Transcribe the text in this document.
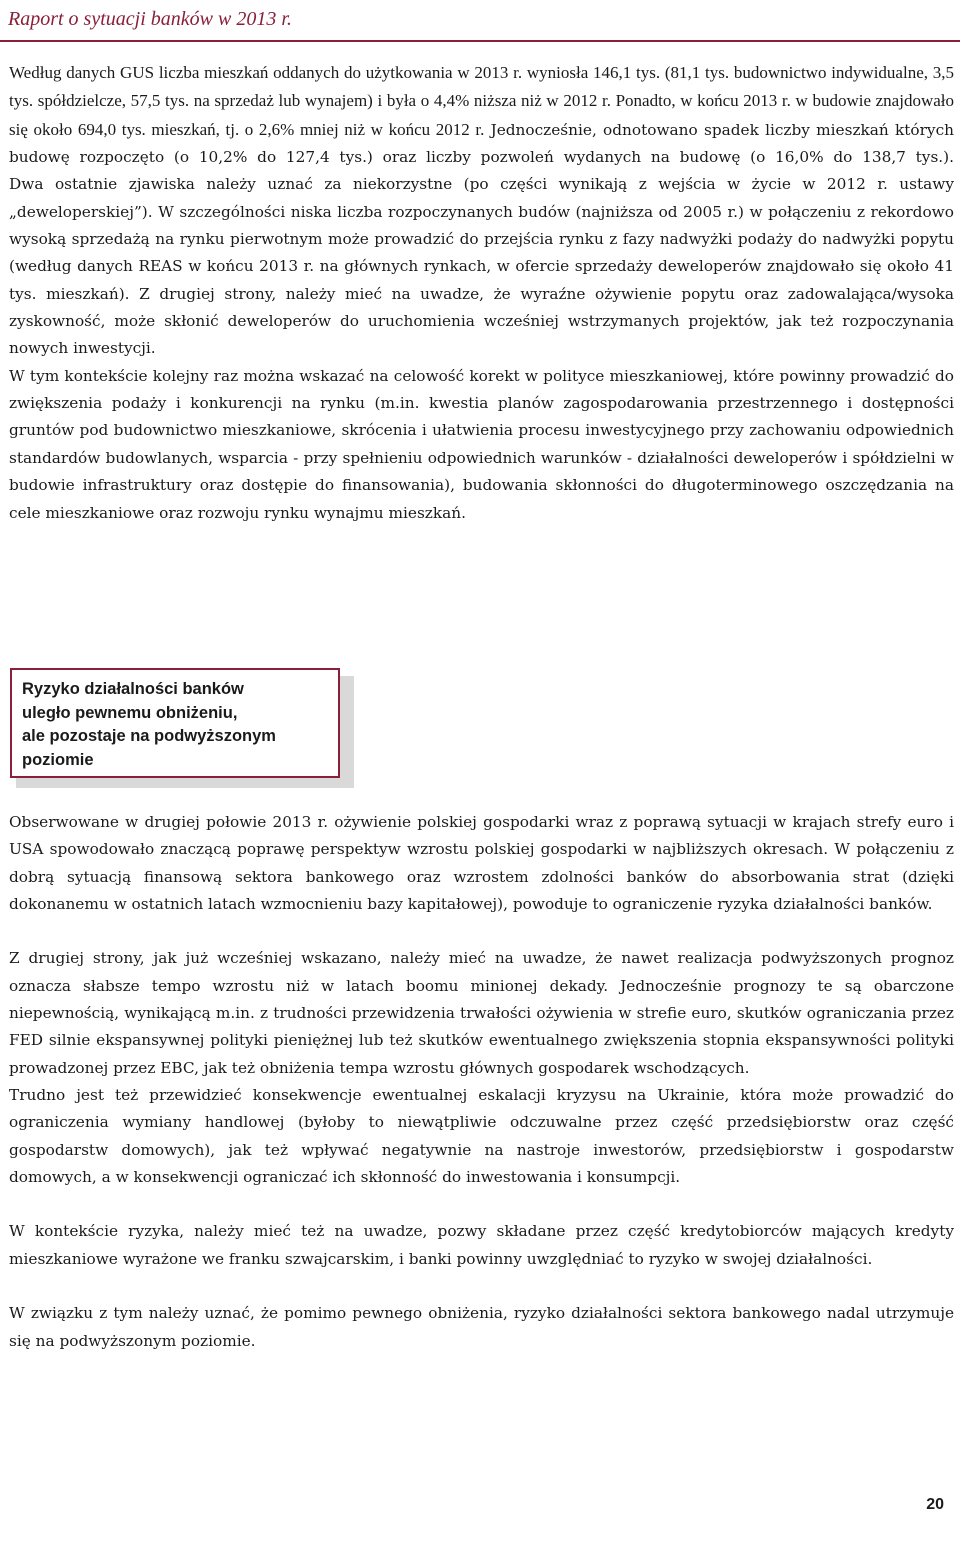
Raport o sytuacji banków w 2013 r.

Według danych GUS liczba mieszkań oddanych do użytkowania w 2013 r. wyniosła 146,1 tys. (81,1 tys. budownictwo indywidualne, 3,5 tys. spółdzielcze, 57,5 tys. na sprzedaż lub wynajem) i była o 4,4% niższa niż w 2012 r. Ponadto, w końcu 2013 r. w budowie znajdowało się około 694,0 tys. mieszkań, tj. o 2,6% mniej niż w końcu 2012 r. Jednocześnie, odnotowano spadek liczby mieszkań których budowę rozpoczęto (o 10,2% do 127,4 tys.) oraz liczby pozwoleń wydanych na budowę (o 16,0% do 138,7 tys.).

Dwa ostatnie zjawiska należy uznać za niekorzystne (po części wynikają z wejścia w życie w 2012 r. ustawy „deweloperskiej”). W szczególności niska liczba rozpoczynanych budów (najniższa od 2005 r.) w połączeniu z rekordowo wysoką sprzedażą na rynku pierwotnym może prowadzić do przejścia rynku z fazy nadwyżki podaży do nadwyżki popytu (według danych REAS w końcu 2013 r. na głównych rynkach, w ofercie sprzedaży deweloperów znajdowało się około 41 tys. mieszkań). Z drugiej strony, należy mieć na uwadze, że wyraźne ożywienie popytu oraz zadowalająca/wysoka zyskowność, może skłonić deweloperów do uruchomienia wcześniej wstrzymanych projektów, jak też rozpoczynania nowych inwestycji.

W tym kontekście kolejny raz można wskazać na celowość korekt w polityce mieszkaniowej, które powinny prowadzić do zwiększenia podaży i konkurencji na rynku (m.in. kwestia planów zagospodarowania przestrzennego i dostępności gruntów pod budownictwo mieszkaniowe, skrócenia i ułatwienia procesu inwestycyjnego przy zachowaniu odpowiednich standardów budowlanych, wsparcia - przy spełnieniu odpowiednich warunków - działalności deweloperów i spółdzielni w budowie infrastruktury oraz dostępie do finansowania), budowania skłonności do długoterminowego oszczędzania na cele mieszkaniowe oraz rozwoju rynku wynajmu mieszkań.

Ryzyko działalności banków

uległo pewnemu obniżeniu,

ale pozostaje na podwyższonym

poziomie

Obserwowane w drugiej połowie 2013 r. ożywienie polskiej gospodarki wraz z poprawą sytuacji w krajach strefy euro i USA spowodowało znaczącą poprawę perspektyw wzrostu polskiej gospodarki w najbliższych okresach. W połączeniu z dobrą sytuacją finansową sektora bankowego oraz wzrostem zdolności banków do absorbowania strat (dzięki dokonanemu w ostatnich latach wzmocnieniu bazy kapitałowej), powoduje to ograniczenie ryzyka działalności banków.

Z drugiej strony, jak już wcześniej wskazano, należy mieć na uwadze, że nawet realizacja podwyższonych prognoz oznacza słabsze tempo wzrostu niż w latach boomu minionej dekady. Jednocześnie prognozy te są obarczone niepewnością, wynikającą m.in. z trudności przewidzenia trwałości ożywienia w strefie euro, skutków ograniczania przez FED silnie ekspansywnej polityki pieniężnej lub też skutków ewentualnego zwiększenia stopnia ekspansywności polityki prowadzonej przez EBC, jak też obniżenia tempa wzrostu głównych gospodarek wschodzących.

Trudno jest też przewidzieć konsekwencje ewentualnej eskalacji kryzysu na Ukrainie, która może prowadzić do ograniczenia wymiany handlowej (byłoby to niewątpliwie odczuwalne przez część przedsiębiorstw oraz część gospodarstw domowych), jak też wpływać negatywnie na nastroje inwestorów, przedsiębiorstw i gospodarstw domowych, a w konsekwencji ograniczać ich skłonność do inwestowania i konsumpcji.

W kontekście ryzyka, należy mieć też na uwadze, pozwy składane przez część kredytobiorców mających kredyty mieszkaniowe wyrażone we franku szwajcarskim, i banki powinny uwzględniać to ryzyko w swojej działalności.

W związku z tym należy uznać, że pomimo pewnego obniżenia, ryzyko działalności sektora bankowego nadal utrzymuje się na podwyższonym poziomie.

20
